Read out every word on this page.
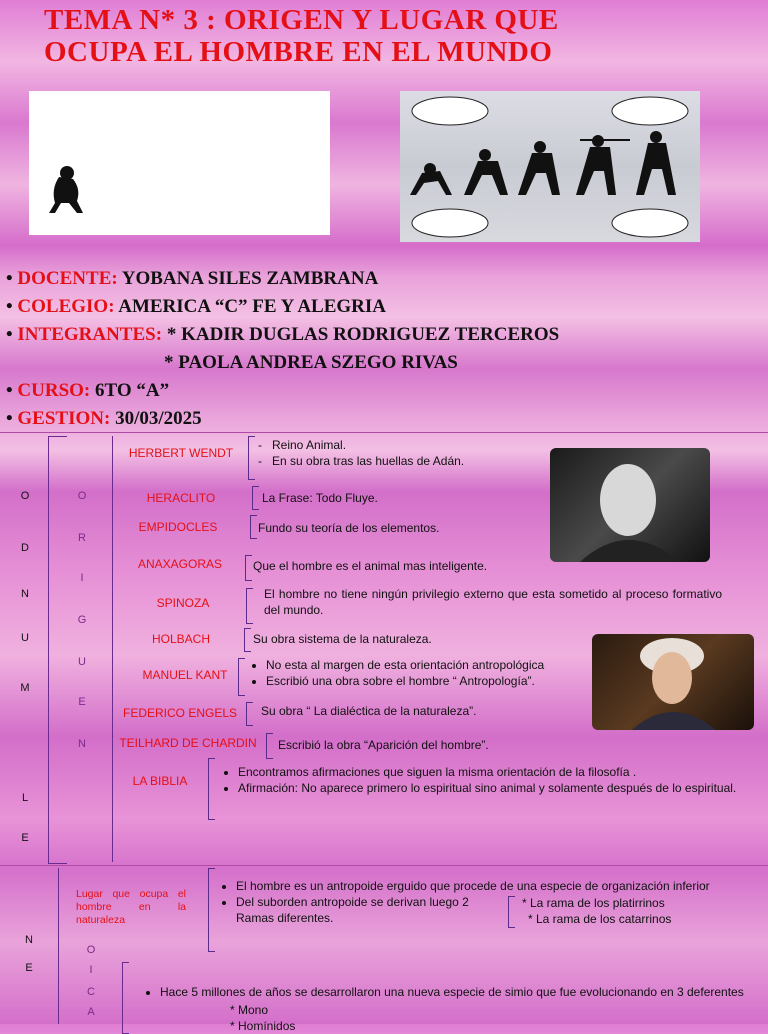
TEMA N* 3 : ORIGEN Y LUGAR QUE
OCUPA EL HOMBRE EN EL MUNDO
• DOCENTE: YOBANA SILES ZAMBRANA
• COLEGIO: AMERICA “C” FE Y ALEGRIA
• INTEGRANTES: * KADIR DUGLAS RODRIGUEZ TERCEROS
* PAOLA ANDREA SZEGO RIVAS
• CURSO: 6TO “A”
• GESTION: 30/03/2025
O
D
N
U
M
L
E
O
R
I
G
U
E
N
HERBERT WENDT
-   Reino Animal.
-   En su obra tras las huellas de Adán.
HERACLITO	La Frase: Todo Fluye.
EMPIDOCLES	Fundo su teoría de los elementos.
ANAXAGORAS	Que el hombre es el animal mas inteligente.
SPINOZA
El hombre no tiene ningún privilegio externo que esta sometido al proceso formativo del mundo.
HOLBACH	Su obra sistema de la naturaleza.
MANUEL KANT
• No esta al margen de esta orientación antropológica
• Escribió una obra sobre el hombre “ Antropología”.
FEDERICO ENGELS	Su obra “ La dialéctica de la naturaleza”.
TEILHARD DE CHARDIN Escribió la obra “Aparición del hombre”.
LA BIBLIA
• Encontramos afirmaciones que siguen la misma orientación de la filosofía .
• Afirmación: No aparece primero lo espiritual sino animal y solamente después de lo espiritual.
N
E
Lugar que ocupa el hombre en la naturaleza
• El hombre es un antropoide erguido que procede de una especie de organización inferior
• Del suborden antropoide se derivan luego 2
Ramas diferentes.
* La rama de los platirrinos
* La rama de los catarrinos
O
I
C
A
• Hace 5 millones de años se desarrollaron una nueva especie de simio que fue evolucionando en 3 deferentes
* Mono
* Homínidos
